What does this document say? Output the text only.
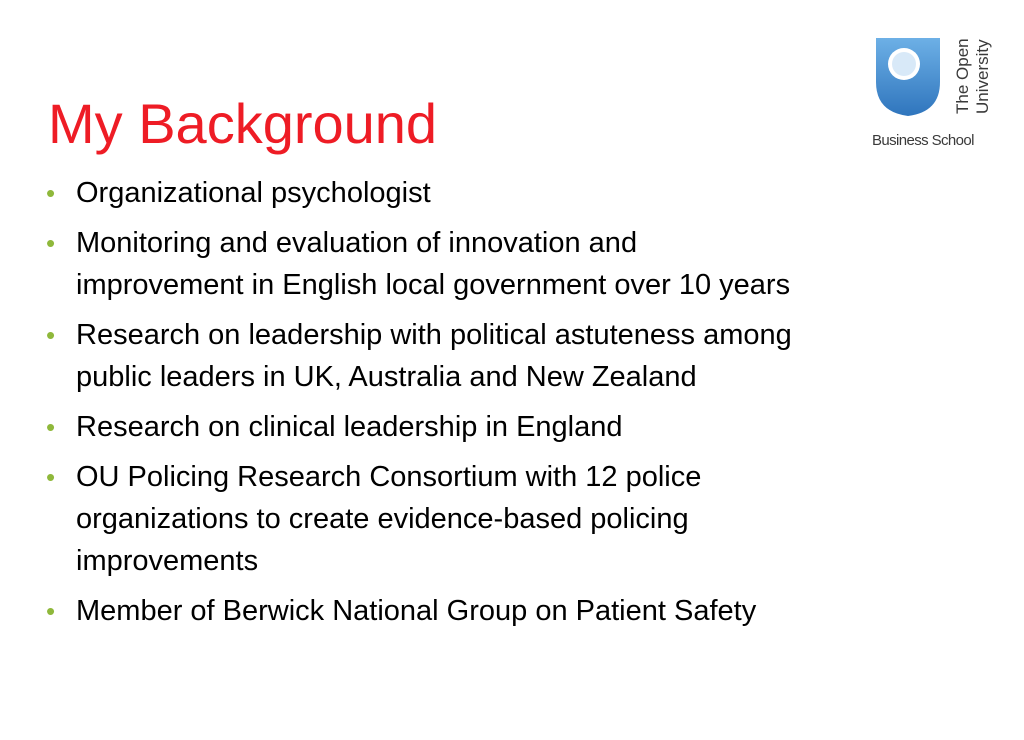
My Background
• Organizational psychologist
• Monitoring and evaluation of innovation and
improvement in English local government over 10 years
• Research on leadership with political astuteness among
public leaders in UK, Australia and New Zealand
• Research on clinical leadership in England
• OU Policing Research Consortium with 12 police
organizations to create evidence-based policing
improvements
• Member of Berwick National Group on Patient Safety
The Open University
Business School
